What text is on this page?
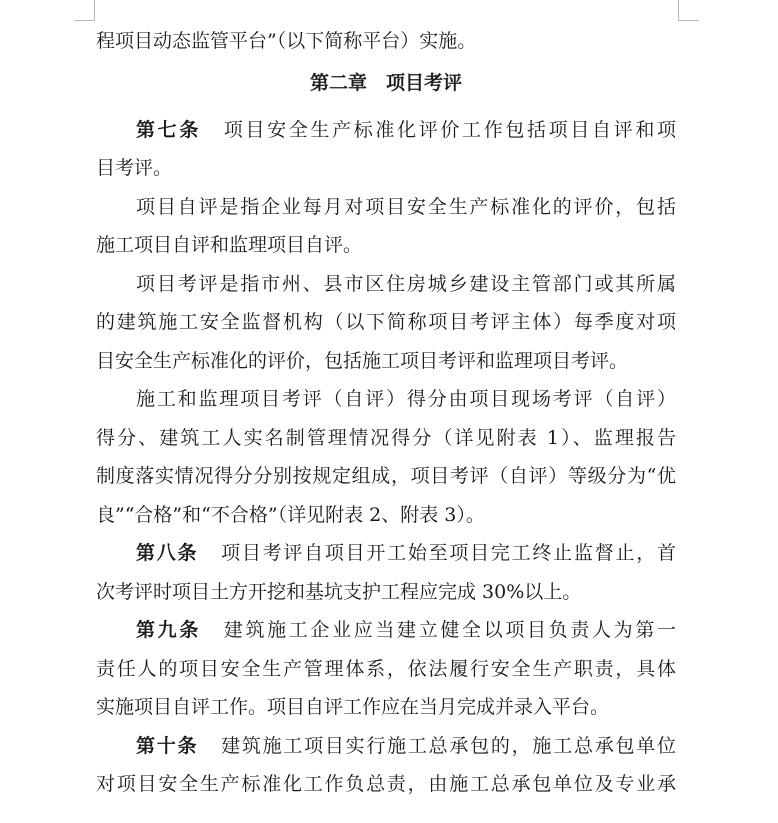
程项目动态监管平台”（以下简称平台）实施。
第二章　项目考评
第七条 项目安全生产标准化评价工作包括项目自评和项
目考评。
项目自评是指企业每月对项目安全生产标准化的评价，包括
施工项目自评和监理项目自评。
项目考评是指市州、县市区住房城乡建设主管部门或其所属
的建筑施工安全监督机构（以下简称项目考评主体）每季度对项
目安全生产标准化的评价，包括施工项目考评和监理项目考评。
施工和监理项目考评（自评）得分由项目现场考评（自评）
得分、建筑工人实名制管理情况得分（详见附表 1）、监理报告
制度落实情况得分分别按规定组成，项目考评（自评）等级分为“优
良”“合格”和“不合格”（详见附表 2、附表 3）。
第八条 项目考评自项目开工始至项目完工终止监督止，首
次考评时项目土方开挖和基坑支护工程应完成 30%以上。
第九条 建筑施工企业应当建立健全以项目负责人为第一
责任人的项目安全生产管理体系，依法履行安全生产职责，具体
实施项目自评工作。项目自评工作应在当月完成并录入平台。
第十条 建筑施工项目实行施工总承包的，施工总承包单位
对项目安全生产标准化工作负总责，由施工总承包单位及专业承
